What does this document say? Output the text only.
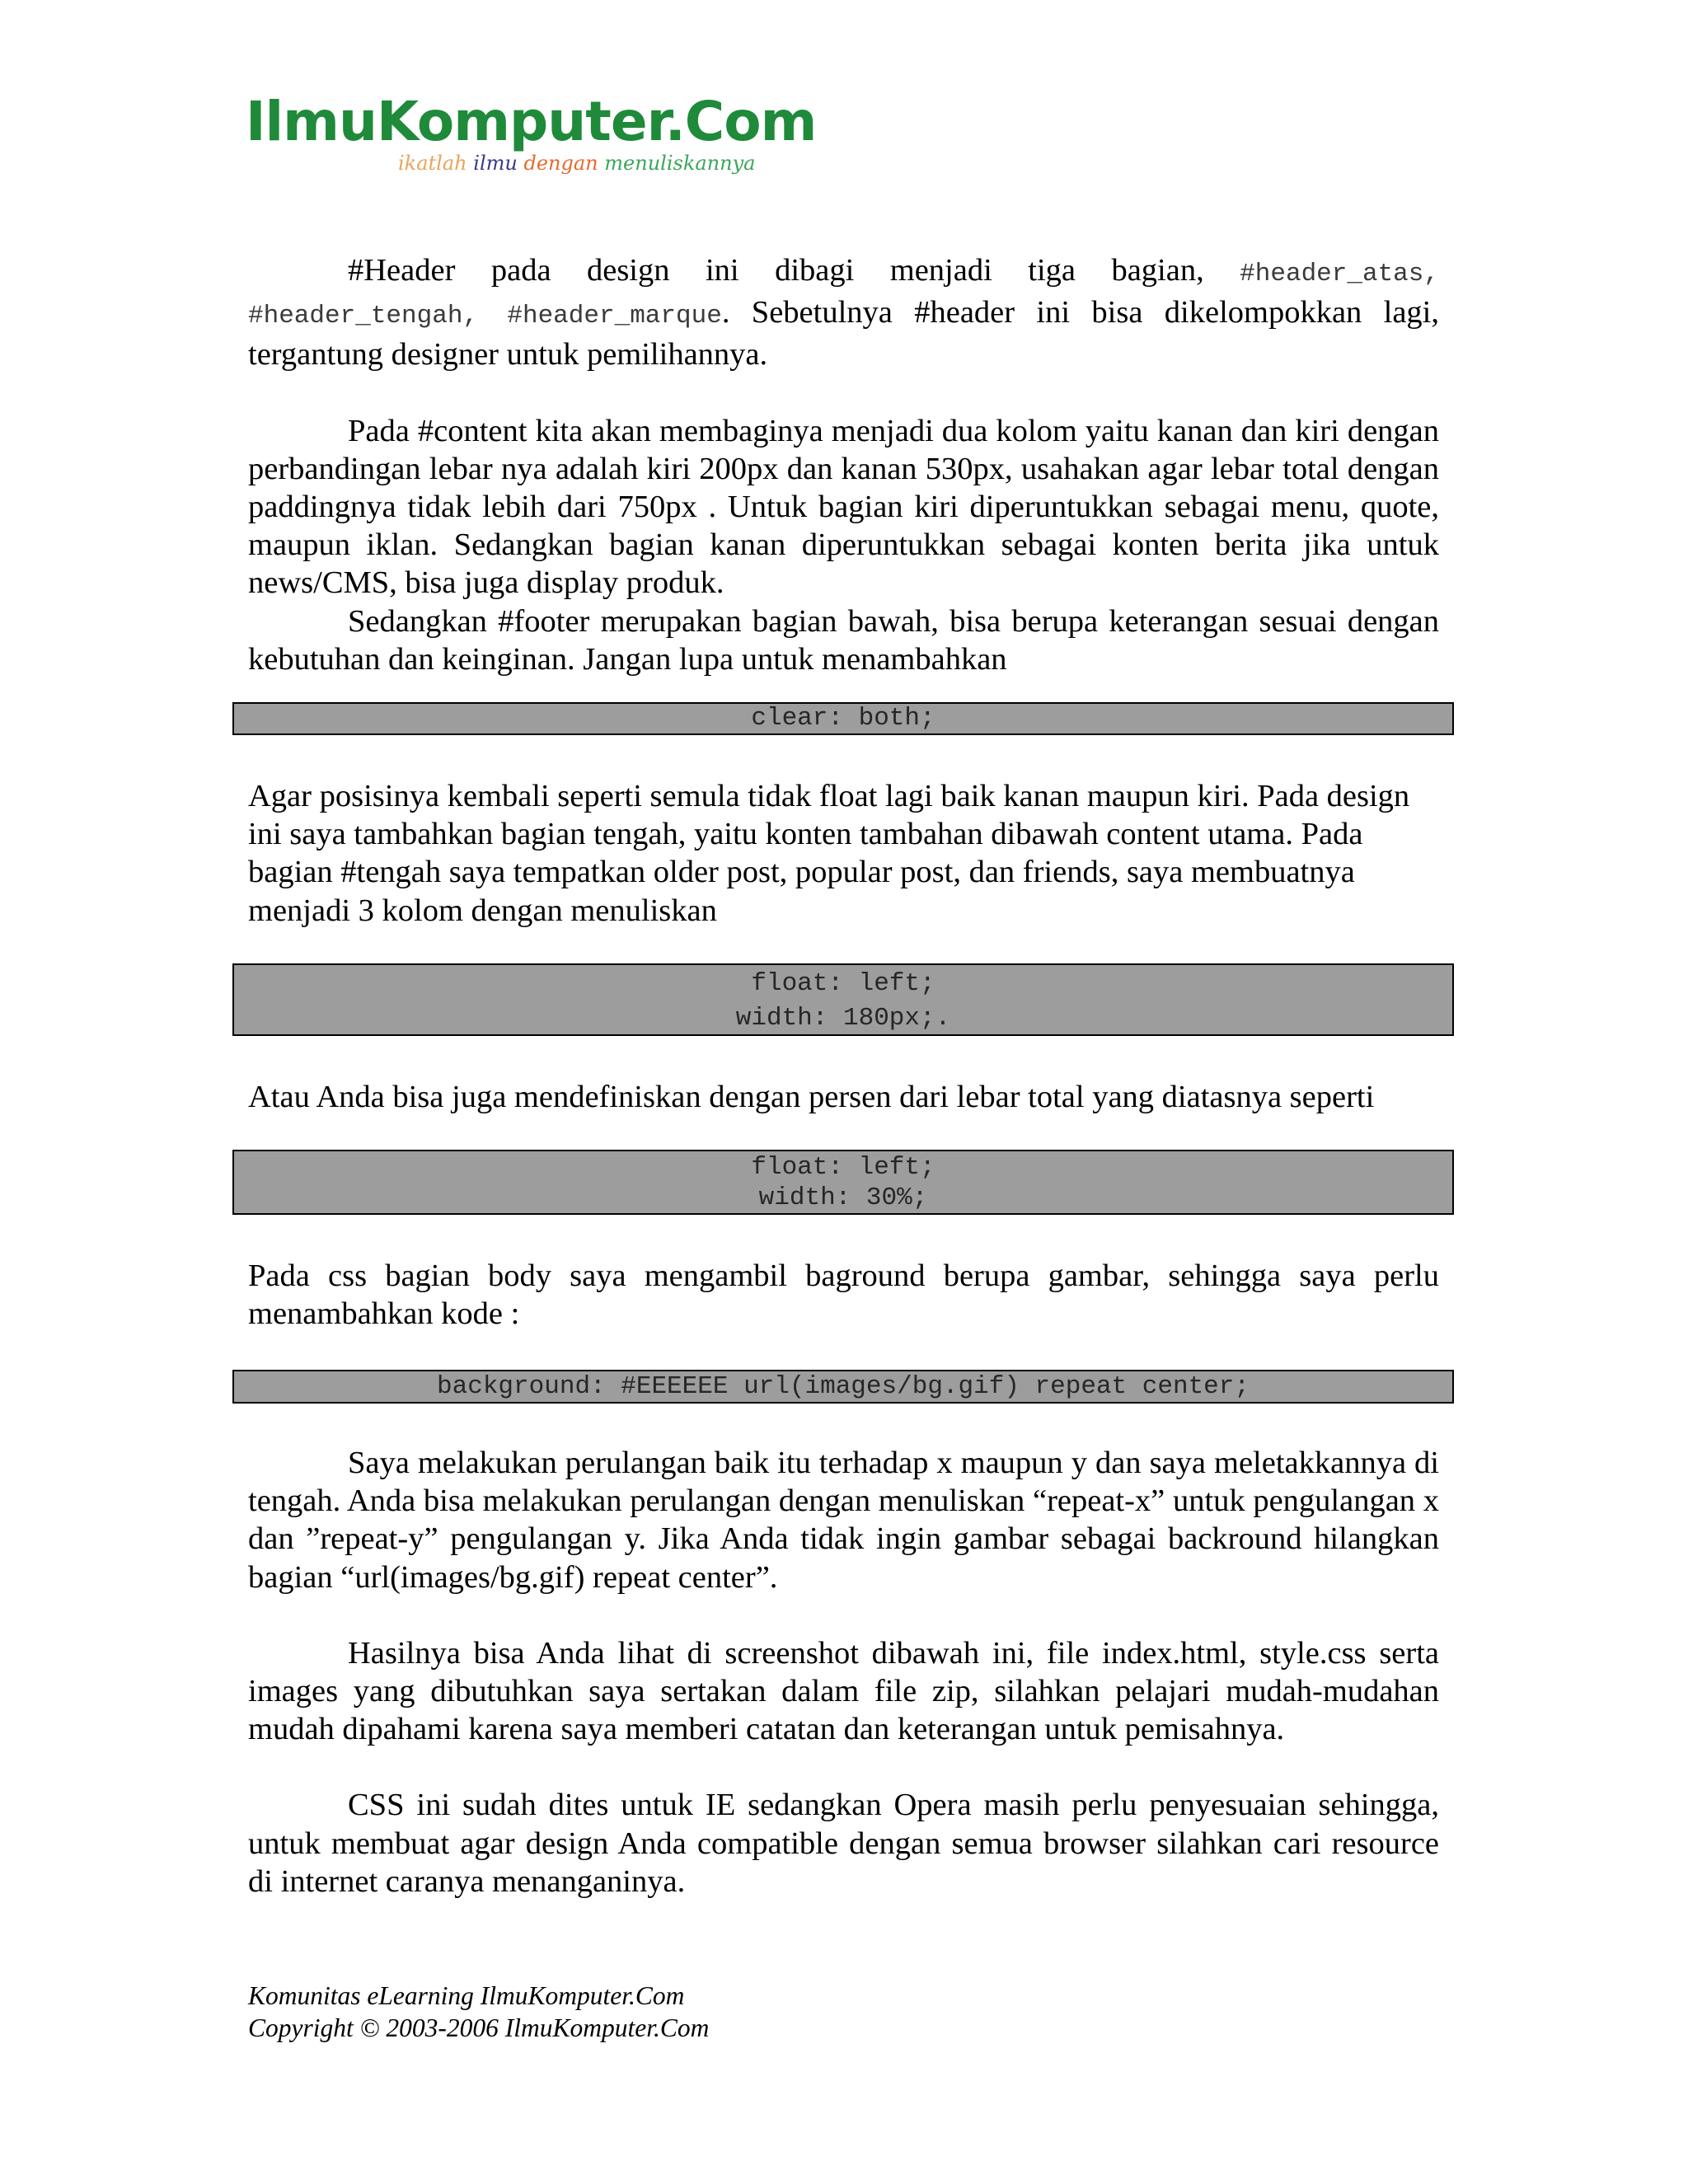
IlmuKomputer.Com
ikatlah ilmu dengan menuliskannya

#Header pada design ini dibagi menjadi tiga bagian, #header_atas, #header_tengah, #header_marque. Sebetulnya #header ini bisa dikelompokkan lagi, tergantung designer untuk pemilihannya.

Pada #content kita akan membaginya menjadi dua kolom yaitu kanan dan kiri dengan perbandingan lebar nya adalah kiri 200px dan kanan 530px, usahakan agar lebar total dengan paddingnya tidak lebih dari 750px . Untuk bagian kiri diperuntukkan sebagai menu, quote, maupun iklan. Sedangkan bagian kanan diperuntukkan sebagai konten berita jika untuk news/CMS, bisa juga display produk.

Sedangkan #footer merupakan bagian bawah, bisa berupa keterangan sesuai dengan kebutuhan dan keinginan. Jangan lupa untuk menambahkan

clear: both;

Agar posisinya kembali seperti semula tidak float lagi baik kanan maupun kiri. Pada design ini saya tambahkan bagian tengah, yaitu konten tambahan dibawah content utama. Pada bagian #tengah saya tempatkan older post, popular post, dan friends, saya membuatnya menjadi 3 kolom dengan menuliskan

float: left;
width: 180px;.

Atau Anda bisa juga mendefiniskan dengan persen dari lebar total yang diatasnya seperti

float: left;
width: 30%;

Pada css bagian body saya mengambil baground berupa gambar, sehingga saya perlu menambahkan kode :

background: #EEEEEE url(images/bg.gif) repeat center;

Saya melakukan perulangan baik itu terhadap x maupun y dan saya meletakkannya di tengah. Anda bisa melakukan perulangan dengan menuliskan “repeat-x” untuk pengulangan x dan ”repeat-y” pengulangan y. Jika Anda tidak ingin gambar sebagai backround hilangkan bagian “url(images/bg.gif) repeat center”.

Hasilnya bisa Anda lihat di screenshot dibawah ini, file index.html, style.css serta images yang dibutuhkan saya sertakan dalam file zip, silahkan pelajari mudah-mudahan mudah dipahami karena saya memberi catatan dan keterangan untuk pemisahnya.

CSS ini sudah dites untuk IE sedangkan Opera masih perlu penyesuaian sehingga, untuk membuat agar design Anda compatible dengan semua browser silahkan cari resource di internet caranya menanganinya.

Komunitas eLearning IlmuKomputer.Com
Copyright © 2003-2006 IlmuKomputer.Com
